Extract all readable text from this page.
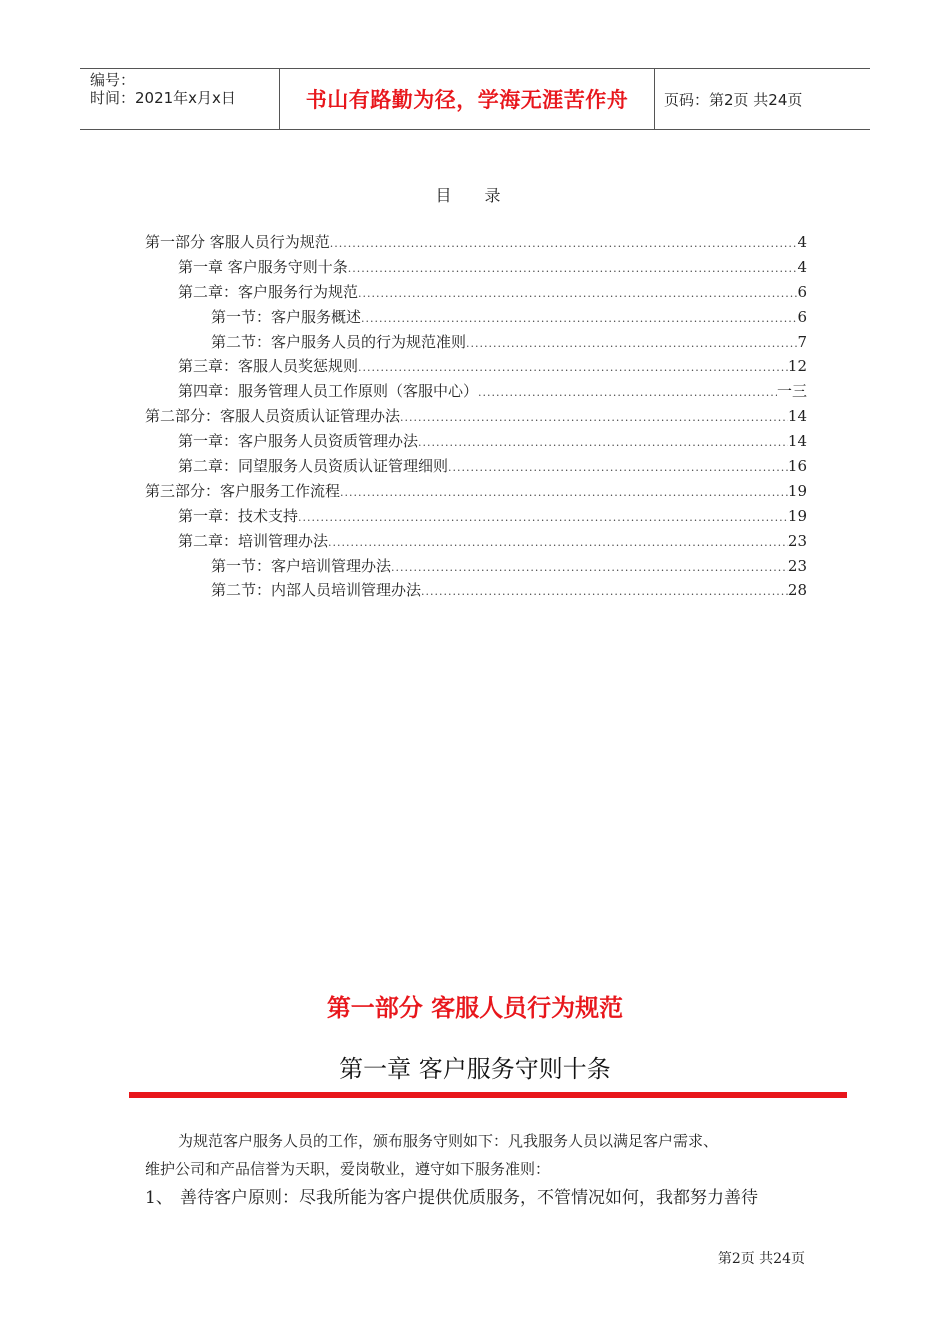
编号：
时间：2021年x月x日	书山有路勤为径，学海无涯苦作舟	页码：第2页 共24页
目 录
第一部分 客服人员行为规范 .....	4
第一章 客户服务守则十条 .....	4
第二章：客户服务行为规范 .....	6
第一节：客户服务概述 .....	6
第二节：客户服务人员的行为规范准则 .....	7
第三章：客服人员奖惩规则 .....	12
第四章：服务管理人员工作原则（客服中心） .....	一三
第二部分：客服人员资质认证管理办法 .....	14
第一章：客户服务人员资质管理办法 .....	14
第二章：同望服务人员资质认证管理细则 .....	16
第三部分：客户服务工作流程 .....	19
第一章：技术支持 .....	19
第二章：培训管理办法 .....	23
第一节：客户培训管理办法 .....	23
第二节：内部人员培训管理办法 .....	28
第一部分 客服人员行为规范
第一章 客户服务守则十条
为规范客户服务人员的工作，颁布服务守则如下：凡我服务人员以满足客户需求、
维护公司和产品信誉为天职，爱岗敬业，遵守如下服务准则：
1、 善待客户原则：尽我所能为客户提供优质服务，不管情况如何，我都努力善待
第2页 共24页
